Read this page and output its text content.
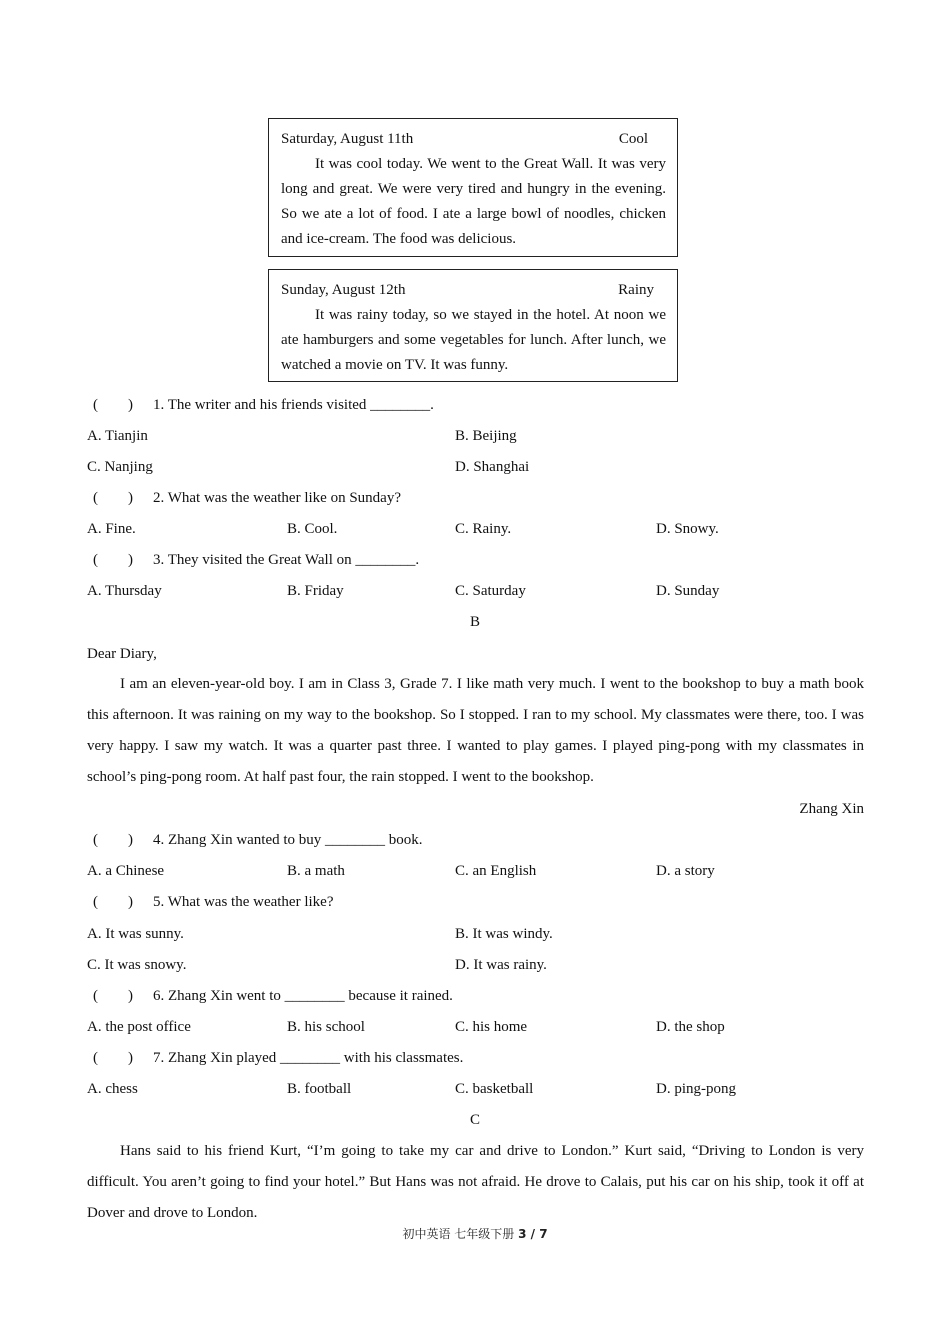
Saturday, August 11th	Cool

It was cool today. We went to the Great Wall. It was very long and great. We were very tired and hungry in the evening. So we ate a lot of food. I ate a large bowl of noodles, chicken and ice-cream. The food was delicious.

Sunday, August 12th	Rainy

It was rainy today, so we stayed in the hotel. At noon we ate hamburgers and some vegetables for lunch. After lunch, we watched a movie on TV. It was funny.

(　　) 1. The writer and his friends visited ________.
A. Tianjin	B. Beijing
C. Nanjing	D. Shanghai
(　　) 2. What was the weather like on Sunday?
A. Fine.	B. Cool.	C. Rainy.	D. Snowy.
(　　) 3. They visited the Great Wall on ________.
A. Thursday	B. Friday	C. Saturday	D. Sunday
B
Dear Diary,

I am an eleven-year-old boy. I am in Class 3, Grade 7. I like math very much. I went to the bookshop to buy a math book this afternoon. It was raining on my way to the bookshop. So I stopped. I ran to my school. My classmates were there, too. I was very happy. I saw my watch. It was a quarter past three. I wanted to play games. I played ping-pong with my classmates in school’s ping-pong room. At half past four, the rain stopped. I went to the bookshop.

Zhang Xin
(　　) 4. Zhang Xin wanted to buy ________ book.
A. a Chinese	B. a math	C. an English	D. a story
(　　) 5. What was the weather like?
A. It was sunny.	B. It was windy.
C. It was snowy.	D. It was rainy.
(　　) 6. Zhang Xin went to ________ because it rained.
A. the post office	B. his school	C. his home	D. the shop
(　　) 7. Zhang Xin played ________ with his classmates.
A. chess	B. football	C. basketball	D. ping-pong
C

Hans said to his friend Kurt, “I’m going to take my car and drive to London.” Kurt said, “Driving to London is very difficult. You aren’t going to find your hotel.” But Hans was not afraid. He drove to Calais, put his car on his ship, took it off at Dover and drove to London.

初中英语 七年级下册 3 / 7
